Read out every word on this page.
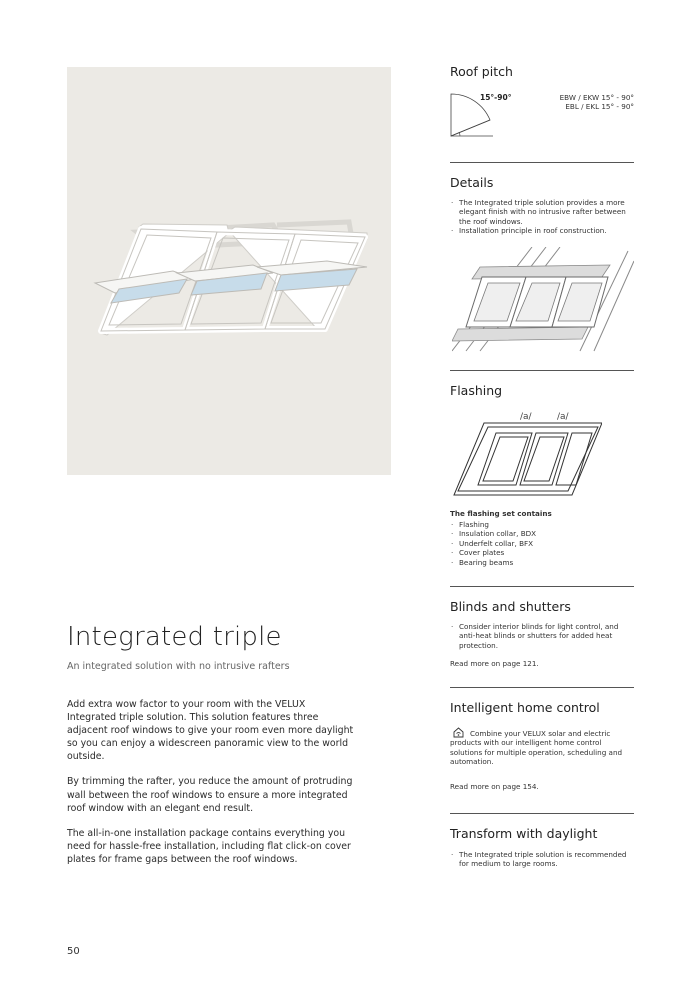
Integrated triple
An integrated solution with no intrusive rafters

Add extra wow factor to your room with the VELUX Integrated triple solution. This solution features three adjacent roof windows to give your room even more daylight so you can enjoy a widescreen panoramic view to the world outside.

By trimming the rafter, you reduce the amount of protruding wall between the roof windows to ensure a more integrated roof window with an elegant end result.

The all-in-one installation package contains everything you need for hassle-free installation, including flat click-on cover plates for frame gaps between the roof windows.

50
Roof pitch
15°-90°	EBW / EKW 15° - 90°
EBL / EKL 15° - 90°
Details
· The Integrated triple solution provides a more elegant finish with no intrusive rafter between the roof windows.
· Installation principle in roof construction.
Flashing
/a/	/a/
The flashing set contains
· Flashing
· Insulation collar, BDX
· Underfelt collar, BFX
· Cover plates
· Bearing beams
Blinds and shutters
· Consider interior blinds for light control, and anti-heat blinds or shutters for added heat protection.
Read more on page 121.
Intelligent home control
Combine your VELUX solar and electric products with our intelligent home control solutions for multiple operation, scheduling and automation.
Read more on page 154.
Transform with daylight
· The Integrated triple solution is recommended for medium to large rooms.
